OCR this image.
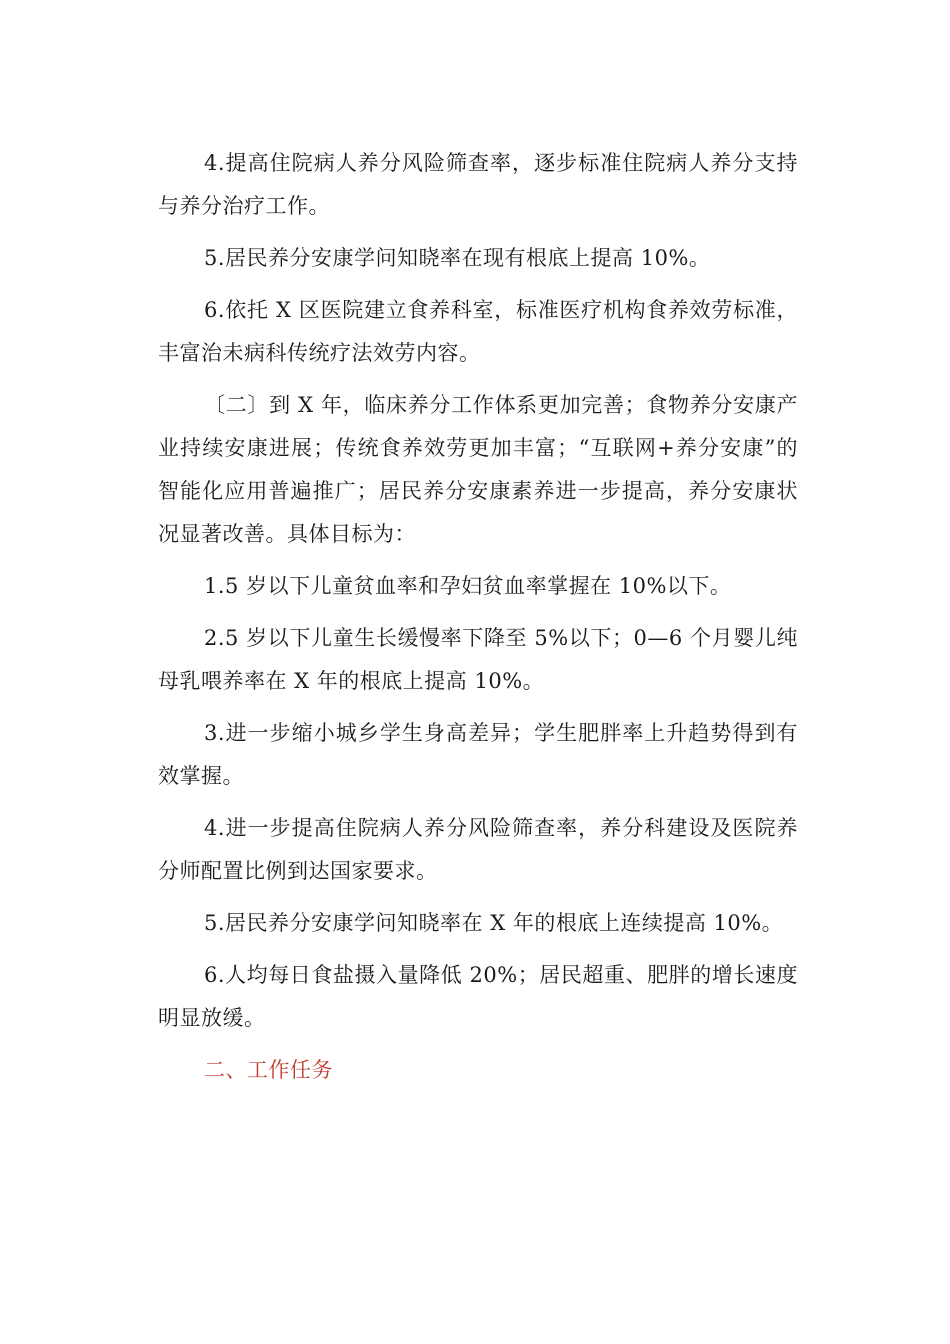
4.提高住院病人养分风险筛查率，逐步标准住院病人养分支持与养分治疗工作。

5.居民养分安康学问知晓率在现有根底上提高 10%。

6.依托 X 区医院建立食养科室，标准医疗机构食养效劳标准，丰富治未病科传统疗法效劳内容。

〔二〕到 X 年，临床养分工作体系更加完善；食物养分安康产业持续安康进展；传统食养效劳更加丰富；“互联网+养分安康”的智能化应用普遍推广；居民养分安康素养进一步提高，养分安康状况显著改善。具体目标为：

1.5 岁以下儿童贫血率和孕妇贫血率掌握在 10%以下。

2.5 岁以下儿童生长缓慢率下降至 5%以下；0—6 个月婴儿纯母乳喂养率在 X 年的根底上提高 10%。

3.进一步缩小城乡学生身高差异；学生肥胖率上升趋势得到有效掌握。

4.进一步提高住院病人养分风险筛查率，养分科建设及医院养分师配置比例到达国家要求。

5.居民养分安康学问知晓率在 X 年的根底上连续提高 10%。

6.人均每日食盐摄入量降低 20%；居民超重、肥胖的增长速度明显放缓。

二、工作任务
